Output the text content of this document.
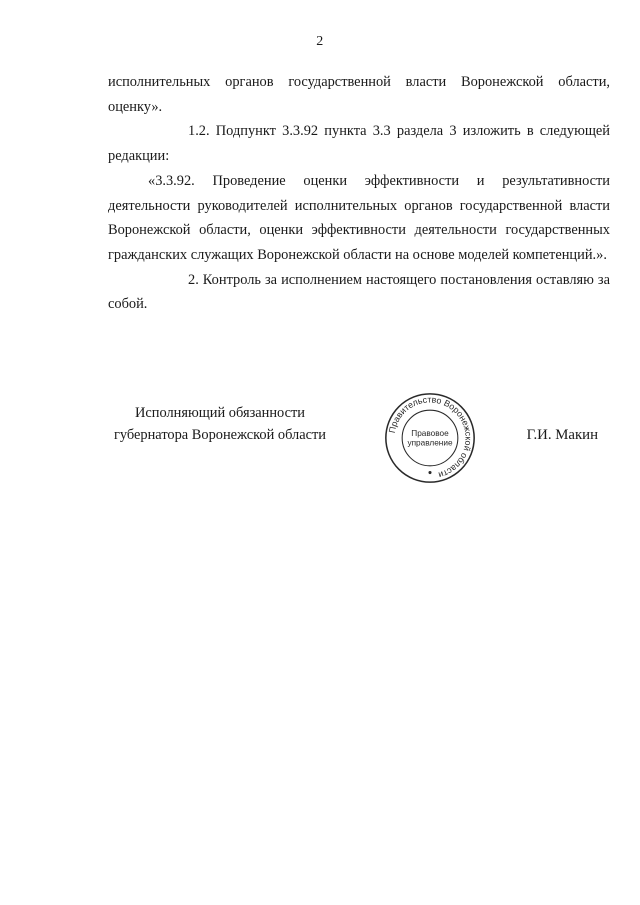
2

исполнительных органов государственной власти Воронежской области, оценку».

1.2. Подпункт 3.3.92 пункта 3.3 раздела 3 изложить в следующей редакции:

«3.3.92. Проведение оценки эффективности и результативности деятельности руководителей исполнительных органов государственной власти Воронежской области, оценки эффективности деятельности государственных гражданских служащих Воронежской области на основе моделей компетенций.».

2. Контроль за исполнением настоящего постановления оставляю за собой.

Исполняющий обязанности
губернатора Воронежской области	Правительство Воронежской области
Правовое
управление
Г.И. Макин
